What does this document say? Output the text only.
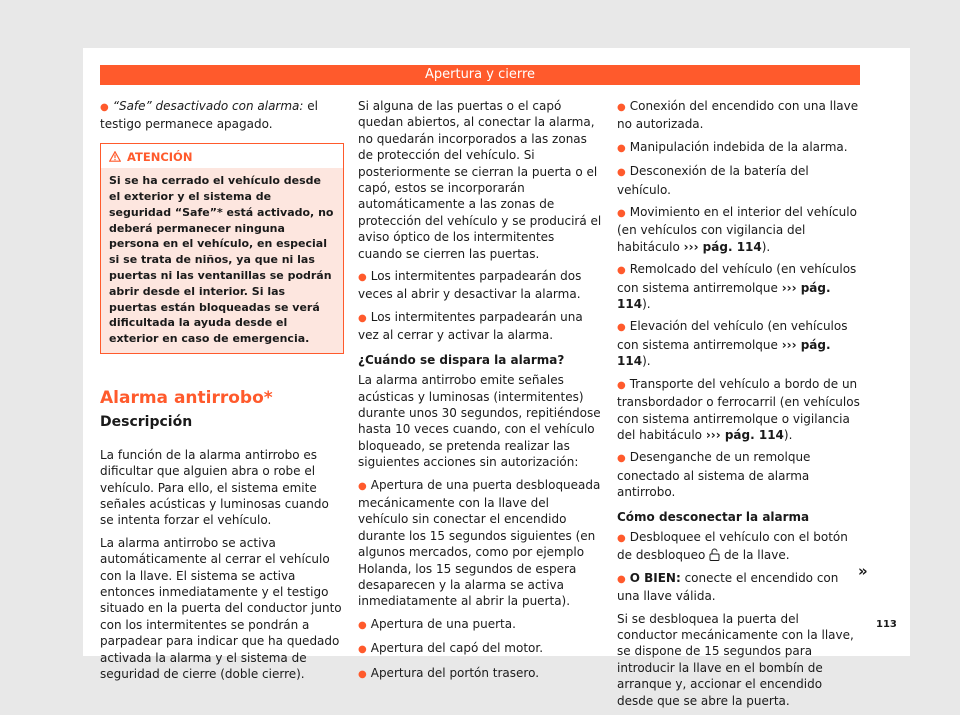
Apertura y cierre

● “Safe” desactivado con alarma: el testigo permanece apagado.

ATENCIÓN
Si se ha cerrado el vehículo desde el exterior y el sistema de seguridad “Safe”* está activado, no deberá permanecer ninguna persona en el vehículo, en especial si se trata de niños, ya que ni las puertas ni las ventanillas se podrán abrir desde el interior. Si las puertas están bloqueadas se verá dificultada la ayuda desde el exterior en caso de emergencia.
Alarma antirrobo*
Descripción

La función de la alarma antirrobo es dificultar que alguien abra o robe el vehículo. Para ello, el sistema emite señales acústicas y luminosas cuando se intenta forzar el vehículo.

La alarma antirrobo se activa automáticamente al cerrar el vehículo con la llave. El sistema se activa entonces inmediatamente y el testigo situado en la puerta del conductor junto con los intermitentes se pondrán a parpadear para indicar que ha quedado activada la alarma y el sistema de seguridad de cierre (doble cierre).

Si alguna de las puertas o el capó quedan abiertos, al conectar la alarma, no quedarán incorporados a las zonas de protección del vehículo. Si posteriormente se cierran la puerta o el capó, estos se incorporarán automáticamente a las zonas de protección del vehículo y se producirá el aviso óptico de los intermitentes cuando se cierren las puertas.

● Los intermitentes parpadearán dos veces al abrir y desactivar la alarma.

● Los intermitentes parpadearán una vez al cerrar y activar la alarma.

¿Cuándo se dispara la alarma?

La alarma antirrobo emite señales acústicas y luminosas (intermitentes) durante unos 30 segundos, repitiéndose hasta 10 veces cuando, con el vehículo bloqueado, se pretenda realizar las siguientes acciones sin autorización:

● Apertura de una puerta desbloqueada mecánicamente con la llave del vehículo sin conectar el encendido durante los 15 segundos siguientes (en algunos mercados, como por ejemplo Holanda, los 15 segundos de espera desaparecen y la alarma se activa inmediatamente al abrir la puerta).

● Apertura de una puerta.

● Apertura del capó del motor.

● Apertura del portón trasero.

● Conexión del encendido con una llave no autorizada.

● Manipulación indebida de la alarma.

● Desconexión de la batería del vehículo.

● Movimiento en el interior del vehículo (en vehículos con vigilancia del habitáculo ››› pág. 114).

● Remolcado del vehículo (en vehículos con sistema antirremolque ››› pág. 114).

● Elevación del vehículo (en vehículos con sistema antirremolque ››› pág. 114).

● Transporte del vehículo a bordo de un transbordador o ferrocarril (en vehículos con sistema antirremolque o vigilancia del habitáculo ››› pág. 114).

● Desenganche de un remolque conectado al sistema de alarma antirrobo.

Cómo desconectar la alarma

● Desbloquee el vehículo con el botón de desbloqueo  de la llave.

● O BIEN: conecte el encendido con una llave válida.

Si se desbloquea la puerta del conductor mecánicamente con la llave, se dispone de 15 segundos para introducir la llave en el bombín de arranque y, accionar el encendido desde que se abre la puerta.

»
113
